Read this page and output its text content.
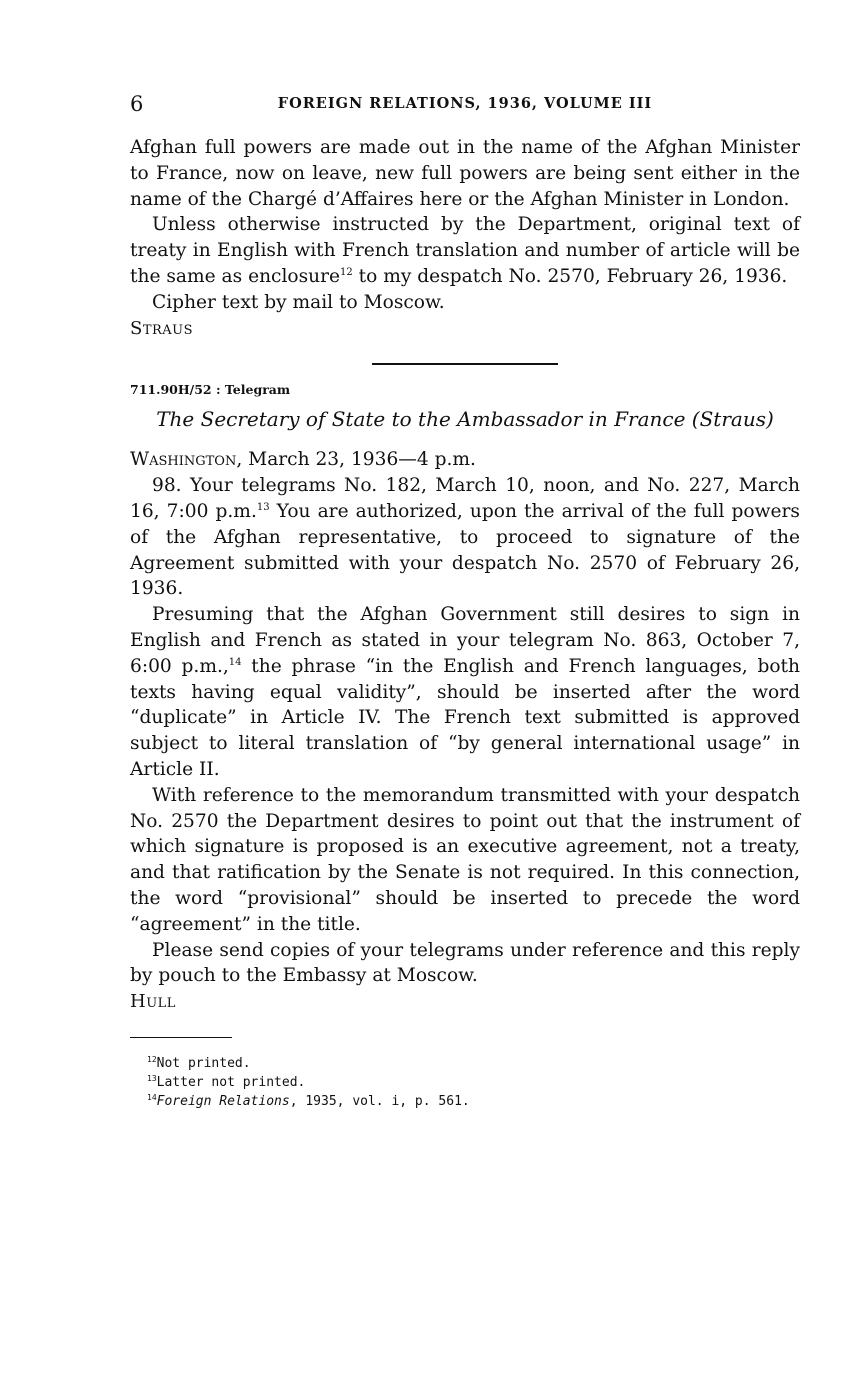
6	FOREIGN RELATIONS, 1936, VOLUME III

Afghan full powers are made out in the name of the Afghan Minister to France, now on leave, new full powers are being sent either in the name of the Chargé d’Affaires here or the Afghan Minister in London.

Unless otherwise instructed by the Department, original text of treaty in English with French translation and number of article will be the same as enclosure$^{12}$ to my despatch No. 2570, February 26, 1936.

Cipher text by mail to Moscow.

Straus

711.90H/52 : Telegram
The Secretary of State to the Ambassador in France (Straus)

Washington, March 23, 1936—4 p.m.

98. Your telegrams No. 182, March 10, noon, and No. 227, March 16, 7:00 p.m.$^{13}$ You are authorized, upon the arrival of the full powers of the Afghan representative, to proceed to signature of the Agreement submitted with your despatch No. 2570 of February 26, 1936.

Presuming that the Afghan Government still desires to sign in English and French as stated in your telegram No. 863, October 7, 6:00 p.m.,$^{14}$ the phrase “in the English and French languages, both texts having equal validity”, should be inserted after the word “duplicate” in Article IV. The French text submitted is approved subject to literal translation of “by general international usage” in Article II.

With reference to the memorandum transmitted with your despatch No. 2570 the Department desires to point out that the instrument of which signature is proposed is an executive agreement, not a treaty, and that ratification by the Senate is not required. In this connection, the word “provisional” should be inserted to precede the word “agreement” in the title.

Please send copies of your telegrams under reference and this reply by pouch to the Embassy at Moscow.

Hull

$^{12}$Not printed.
$^{13}$Latter not printed.
$^{14}$Foreign Relations, 1935, vol. i, p. 561.
